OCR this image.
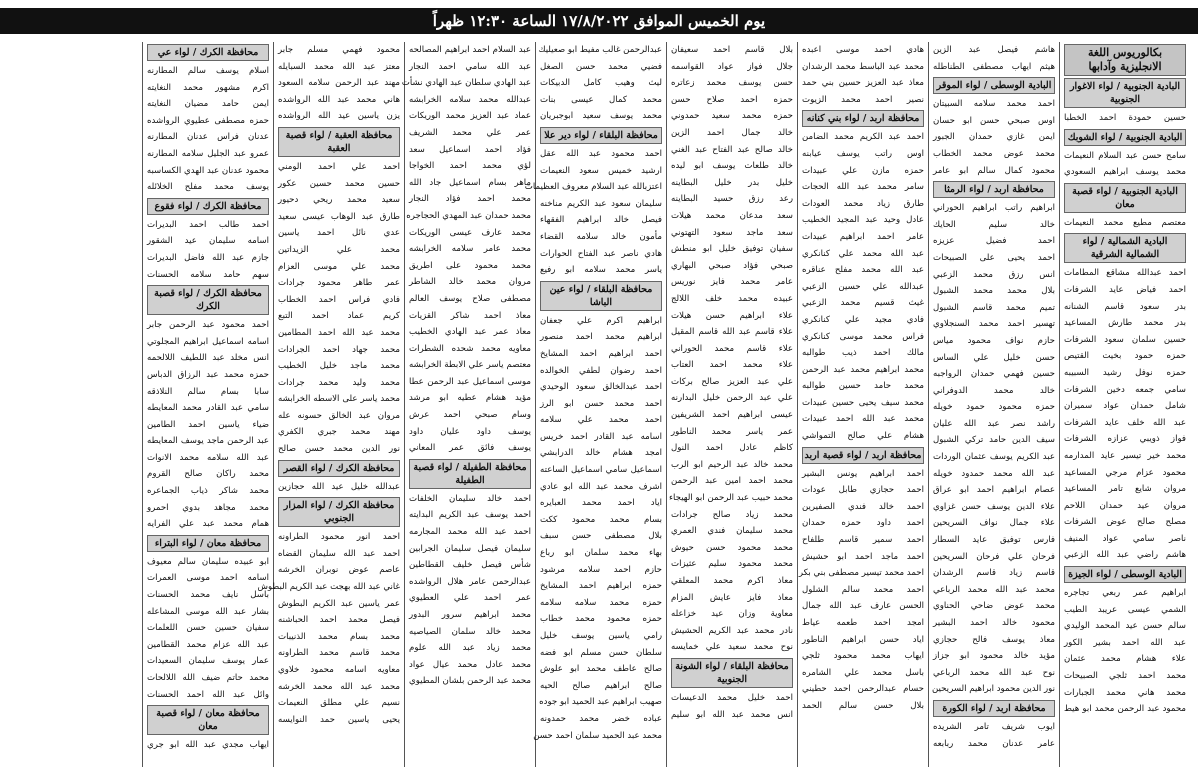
يوم الخميس الموافق ١٧/٨/٢٠٢٢ الساعة ١٢:٣٠ ظهراً
بكالوريوس اللغة الانجليزية وآدابها
البادية الجنوبية / لواء الاغوار الجنوبية
حسين حمودة احمد الخطبا
البادية الجنوبية / لواء الشوبك
سامح حسن عبد السلام النعيمات
محمد يوسف ابراهيم السعودي
البادية الجنوبية / لواء قصبة معان
معتصم مطيع محمد النعيمات
البادية الشمالية / لواء الشمالية الشرقية
احمد عبدالله مشاقع المطامات
احمد فياض عايد الشرفات
بدر سعود قاسم الشنانه
بدر محمد طارش المساعيد
حسين سلمان سعود الشرفات
حمزه حمود بخيت القتيص
حمزه نوفل رشيد السبيبه
سامي جمعه دخين الشرفات
شامل حمدان عواد سمیران
عبد الله خلف عايد الشرفات
فواز ذويبي عزازه الشرفات
محمد خير تيسير عايد المدارمه
محمود عزام مرجي المساعيد
مروان شايع تامر المساعيد
مروان عيد حمدان اللاحم
مصلح صالح عوض الشرفات
ناصر سامي عواد المنيف
هاشم راضي عبد الله الزعبي
البادية الوسطى / لواء الجيزة
ابراهيم عمر ربعي تجاجره
الشمي عيسى عريبد الطيب
سالم حسن عيد المحمد الوليدي
عبد الله احمد بشير الكور
علاء هشام محمد عثمان
محمد احمد ثلجي الصبيحات
محمد هاني محمد الجبارات
محمود عبد الرحمن محمد ابو هيط
هاشم فيصل عبد الزين
هيثم ايهاب مصطفى الطناطله
البادية الوسطى / لواء الموقر
احمد محمد سلامه السبيتان
اوس صبحي حسن ابو حسان
ايمن غازي حمدان الجبور
محمد عوض محمد الخطاب
محمود كمال سالم ابو عامر
محافظة اربد / لواء الرمثا
ابراهيم راتب ابراهيم الحوراني
خالد سليم الحايك
احمد فضيل عزيزه
احمد يحيى على الصبيحات
انس رزق محمد الزعبي
بلال محمد محمد الشبول
تميم محمد قاسم الشبول
تهسير احمد محمد السنجلاوي
حازم نواف محمود مياس
حسن خليل علي الساس
حسين فهمي حمدان الرواجبه
خالد محمد الدوفراني
حمزه محمود حمود خويله
راشد نصر عبد الله عليان
سيف الدين حامد تركي الشبول
عبد الكريم يوسف عثمان الوردات
عبد الله محمد حمدود خويله
عصام ابراهيم احمد ابو عراق
علاء الدين يوسف حسن غزاوي
علاء جمال نواف السريحين
فارس توفيق عايد السطار
فرحان علي فرحان السريحين
قاسم زياد قاسم الرشدان
محمد عبد الله محمد الرباعي
محمد عوض ضاحي الحناوي
محمود خالد احمد البشير
معاذ يوسف فالح حجازي
مؤيد خالد محمود ابو جزاز
نوح عبد الله محمد الرباعي
نور الدين محمود ابراهيم السريحين
محافظة اربد / لواء الكورة
ايوب شريف تامر الشريده
عامر عدنان محمد ربابعه
هادي احمد موسى اعبده
محمد عبد الباسط محمد الرشدان
معاذ عبد العزيز حسين بني حمد
نصير احمد محمد الزيوت
محافظة اربد / لواء بني كنانه
احمد عبد الكريم محمد الضامن
اوس راتب يوسف عيابنه
حمزه مازن علي عبيدات
سامر محمد عبد الله الحجات
طارق زياد محمد العودات
عادل وحيد عبد المجيد الخطيب
عامر احمد ابراهيم عبيدات
عبد الله محمد علي كنانكري
عبد الله محمد مفلح عناقره
عبدالله علي حسين الزعبي
غيث قسيم محمد الزعبي
فادي مجيد علي كنانكري
فراس محمد موسى كنانكري
مالك احمد ذيب طوالبه
محمد ابراهيم محمد عبد الرحمن
محمد حامد حسين طوالبه
محمد سيف يحيى حسين عبيدات
محمد عبد الله احمد عبيدات
هشام علي صالح التمواشي
محافظة اربد / لواء قصبة اربد
احمد ابراهيم يونس البشير
احمد حجازي طابل عودات
احمد خالد فندي الصفيرين
احمد داود حمزه حمدان
احمد سمير قاسم طلفاح
احمد ماجد احمد ابو حشيش
احمد محمد تيسير مصطفى بني بكر
احمد محمد سالم الشلول
الحسن عارف عبد الله جمال
امجد احمد طعمه عياط
اياد حسن ابراهيم الناطور
ايهاب محمد محمود ثلجي
باسل محمد علي الشامره
حسام عبدالرحمن احمد حطيني
بلال حسن سالم الحمد
بلال قاسم احمد سعيفان
جلال فواز عواد القواسمه
حسن يوسف محمد زعاتره
حمزه احمد صلاح حسن
حمزه محمد سعيد حمدوني
خالد جمال احمد الزين
خالد صالح عبد الفتاح عبد الغني
خالد طلعات يوسف ابو ليده
خليل بدر خليل البطاينه
رعد رزق حسيد البطاينه
سعد مدعان محمد هيلات
سعد ماجد سعود التهتوني
سفيان توفيق خليل ابو منطش
صبحي فؤاد صبحي البهاري
عامر محمد فايز نوريس
عبيده محمد خلف اللالج
علاء ابراهيم حسن هيلات
علاء قاسم عبد الله قاسم المقيل
علاء قاسم محمد الحوراني
علاء محمد احمد العتاب
علي عبد العزيز صالح بركات
علي عبد الرحمن خليل البدارنه
عيسى ابراهيم احمد الشريفين
عمر ياسر محمد الناطور
كاظم عادل احمد النول
محمد خالد عبد الرحيم ابو الرب
محمد احمد امين عبد الرحمن
محمد حبيب عبد الرحمن ابو الهيجاء
محمد زياد صالح جرادات
محمد سليمان فندي العمري
محمد محمود حسن حيوش
محمد محمود سليم عثيزات
معاذ اكرم محمد المعلقي
معاذ فايز عايش المزام
معاوية وزان عيد خزاعله
نادر محمد عبد الكريم الحشيش
نوح محمد سعيد علي خمايسه
محافظة البلقاء / لواء الشونة الجنوبية
احمد خليل محمد الدعيسات
انس محمد عبد الله ابو سليم
عبدالرحمن غالب مفيط ابو صعيليك
فضيي محمد حسن الصغل
ليث وهيب كامل الدبيكات
محمد كمال عيسى بنات
محمد يوسف سعيد ابوجبريان
محافظة البلقاء / لواء دير علا
احمد محمود عبد الله عقل
ارشيد خميس سعود النعيمات
اعتزبالله عبد السلام معروف العظيمات
سليمان سعود عبد الكريم مناخنه
فيصل خالد ابراهيم الفقهاء
مأمون خالد سلامه القضاء
هادي ناصر عبد الفتاح الحوارات
ياسر محمد سلامه ابو رفيع
محافظة البلقاء / لواء عين الباشا
ابراهيم اكرم علي جعفان
ابراهيم محمد احمد منصور
احمد ابراهيم احمد المشايخ
احمد رضوان لطفي الخوالده
احمد عبدالخالق سعود الوحيدي
احمد محمد حسن ابو الرز
احمد محمد علي سلامه
اسامه عبد القادر احمد خريس
امجد هشام خالد الدرابشي
اسماعيل سامي اسماعيل الساعته
اشرف محمد عبد الله ابو عادي
اياد احمد محمد العبايره
بسام محمد محمود ككت
بلال مصطفى حسن سبف
بهاء محمد سلمان ابو رباع
حازم احمد سلامه مرشود
حمزه ابراهيم احمد المشايخ
حمزه محمد سلامه سلامه
حمزه محمود محمد خطاب
رامي ياسين يوسف خليل
سلطان حسن مسلم ابو فضه
صالح عاطف محمد ابو علوش
صالح ابراهيم صالح الحيه
صهيب ابراهيم عبد الحميد ابو جوده
عباده خضر محمد حمدونه
محمد عبد الحميد سلمان احمد حسن
عبد السلام احمد ابراهيم المصالحه
عبد الله سامي احمد النجار
عبد الهادي سلطان عبد الهادي نشأت
عبدالله محمد سلامه الخرابشه
عماد عبد العزيز محمد الوريكات
عمر علي محمد الشريف
فؤاد احمد اسماعيل سعد
لؤي محمد احمد الخواجا
ماهر بسام اسماعيل جاد الله
محمد احمد فؤاد النجار
محمد حمدان عبد المهدي الحجاجره
محمد عارف عيسى الوريكات
محمد عامر سلامه الخرابشه
محمد محمود على اطريق
مروان محمد خالد الشاطر
مصطفى صلاح يوسف العالم
معاذ احمد شاكر القزيات
معاذ عمر عبد الهادي الخطيب
معاويه محمد شحده الشطرات
معتصم ياسر علي الابطة الخرابشه
موسى اسماعيل عبد الرحمن عطا
مؤيد هشام عطيه ابو مرشد
وسام صبحي احمد عرش
يوسف داود عليان داود
يوسف فائق عمر المعاني
محافظة الطفيلة / لواء قصبة الطفيلة
احمد خالد سليمان الخلفات
احمد يوسف عبد الكريم البدايته
احمد عبد الله محمد المجارمه
سليمان فيصل سليمان الجرابين
شأس فيصل خليف القطاطين
عبدالرحمن عامر هلال الرواشده
عمر احمد علي العطيوي
محمد ابراهيم سرور البدور
محمد خالد سلمان الصياصيه
محمد زياد عبد الله علوم
محمد عادل محمد عيال عواد
محمد عبد الرحمن بلشان المطيوي
محمود فهمي مسلم جابر
معتز عبد الله محمد السبايله
مهند عبد الرحمن سلامه السعود
هاني محمد عبد الله الرواشده
يزن ياسين عيد الله الرواشده
محافظة العقبة / لواء قصبة العقبة
احمد علي احمد الومني
حسين محمد حسين عكور
سعيد محمد ريحي دحيور
طارق عبد الوهاب عيسى سعيد
عدي نائل احمد ياسين
محمد علي الزيداتين
محمد علي موسى العزام
عمر طاهر محمود جرادات
فادي فراس احمد الخطاب
كريم عماد احمد التبع
محمد عبد الله احمد المطامين
محمد جهاد احمد الجرادات
محمد ماجد خليل الخطيب
محمد وليد محمد جرادات
محمد ياسر على الاسطه الخرابشه
مروان عبد الخالق حسونه عله
مهند محمد جبري الكفري
نور الدين محمد حسن صالح
محافظة الكرك / لواء القصر
عبدالله خليل عيد الله حجازين
محافظة الكرك / لواء المزار الجنوبي
احمد انور محمود الطراونه
احمد عبد الله سليمان القضاه
عاصم عوض نوبران الخرشه
غاني عبد الله بهجت عبد الكريم البطوش
عمر ياسين عبد الكريم البطوش
فيصل محمد احمد الحباشنه
محمد بسام محمد الذنيبات
محمد قاسم محمد الطراونه
معاويه اسامه محمود خلاوي
محمد عبد الله محمد الخرشه
نسيم علي مطلق النعيمات
يحيى ياسين حمد النوايسه
محافظة الكرك / لواء عي
اسلام يوسف سالم المطارنه
اكرم مشهور محمد النغايته
ايمن حامد مضيان النغايته
حمزه مصطفى عطيوي الرواشده
عدنان فراس عدنان المطارنه
عمرو عبد الجليل سلامه المطارنه
محمود عدنان عبد الهدي الكساسبه
يوسف محمد مفلح الخلائله
محافظة الكرك / لواء فقوع
احمد طالب احمد البديرات
اسامه سليمان عيد الشقور
جازم عبد الله فاضل البديرات
سهم حامد سلامه الحسنات
محافظة الكرك / لواء قصبة الكرك
احمد محمود عبد الرحمن جابر
اسامه اسماعيل ابراهيم المجلوتي
انس مخلد عبد اللطيف اللالحمه
حمزه محمد عبد الرزاق الدباس
سابا بسام سالم النلاذقه
سامي عبد القادر محمد المعايطه
ضياء ياسين احمد الطامين
عبد الرحمن ماجد يوسف المعايطه
عبد الله سلامه محمد الانوات
محمد راكان صالح القروم
محمد شاكر ذياب الجماعره
محمد مجاهد بدوي احمرو
همام محمد عبد علي الفرايه
محافظة معان / لواء البتراء
ابو عبيده سليمان سالم معيوف
اسامه احمد موسى العمرات
باسل نايف محمد الحسنات
بشار عبد الله موسى المشاعله
سفيان حسين حسن اللعلمات
عبد الله عزام محمد القطامين
عمار يوسف سليمان السعيدات
محمد حاتم ضيف الله اللالحات
وائل عبد الله احمد الحسنات
محافظة معان / لواء قصبة معان
ايهاب مجدي عبد الله ابو جري
